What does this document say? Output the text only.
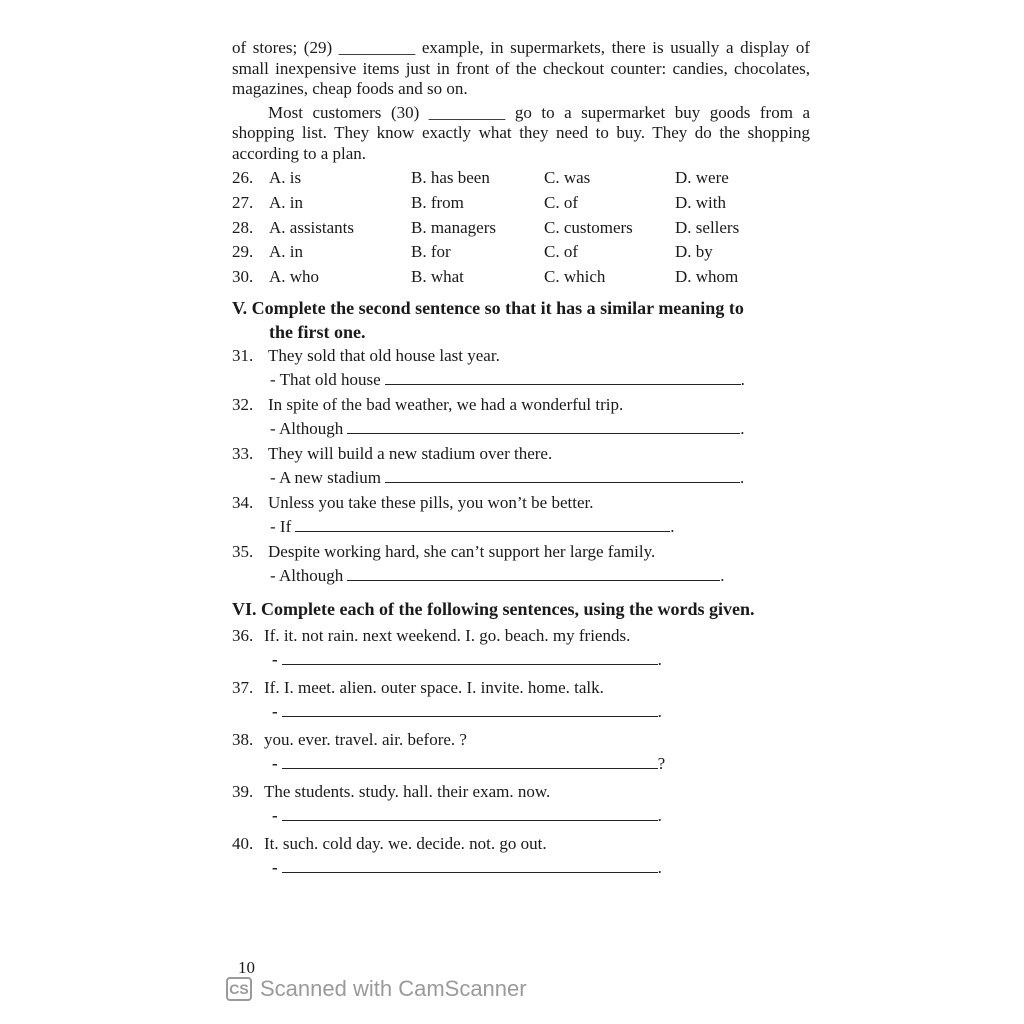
of stores; (29) _________ example, in supermarkets, there is usually a display of small inexpensive items just in front of the checkout counter: candies, chocolates, magazines, cheap foods and so on.

Most customers (30) _________ go to a supermarket buy goods from a shopping list. They know exactly what they need to buy. They do the shopping according to a plan.

26. A. is	B. has been	C. was	D. were
27. A. in	B. from	C. of	D. with
28. A. assistants	B. managers	C. customers D. sellers
29. A. in	B. for	C. of	D. by
30. A. who	B. what	C. which	D. whom
V. Complete the second sentence so that it has a similar meaning to
the first one.
31. They sold that old house last year.
- That old house	.
32. In spite of the bad weather, we had a wonderful trip.
- Although	.
33. They will build a new stadium over there.
- A new stadium	.
34. Unless you take these pills, you won’t be better.
- If	.
35. Despite working hard, she can’t support her large family.
- Although	.
VI. Complete each of the following sentences, using the words given.
36. If. it. not rain. next weekend. I. go. beach. my friends.
-	.
37. If. I. meet. alien. outer space. I. invite. home. talk.
-	.
38. you. ever. travel. air. before. ?
-	?
39. The students. study. hall. their exam. now.
-	.
40. It. such. cold day. we. decide. not. go out.
-	.
10
CS Scanned with CamScanner
